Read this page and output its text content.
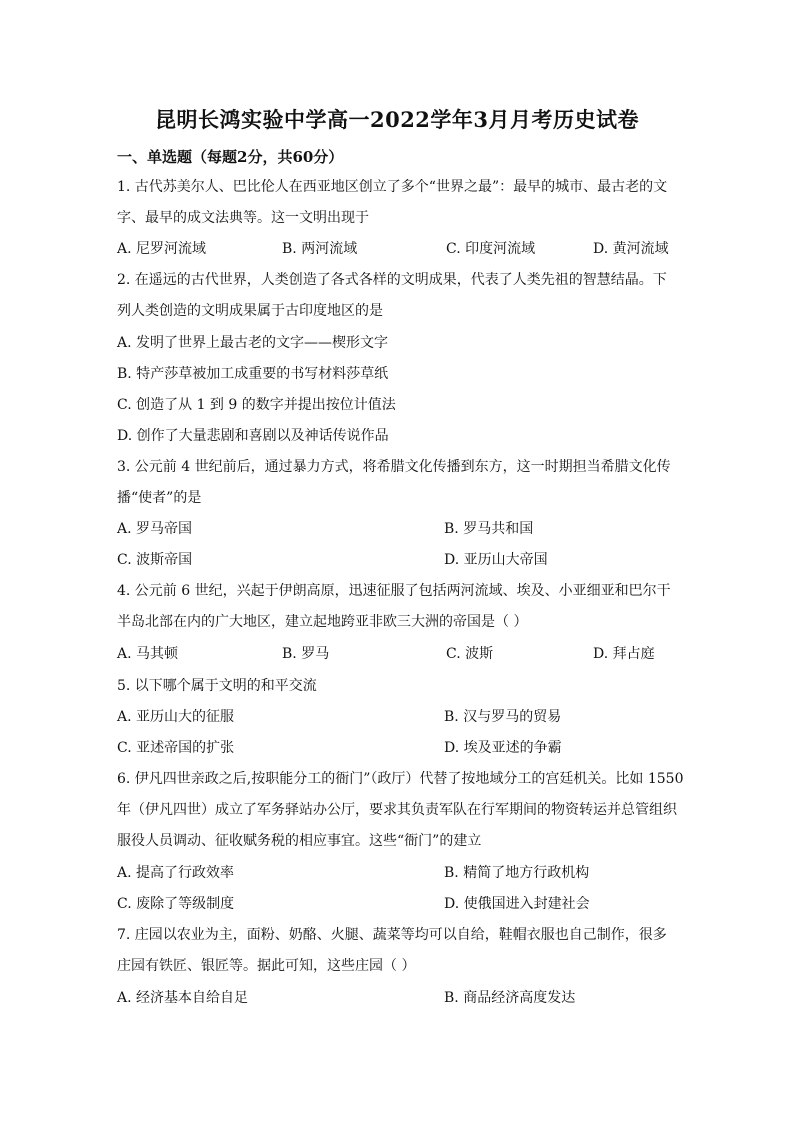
昆明长鸿实验中学高一2022学年3月月考历史试卷
一、单选题（每题2分，共60分）
1. 古代苏美尔人、巴比伦人在西亚地区创立了多个“世界之最”：最早的城市、最古老的文
字、最早的成文法典等。这一文明出现于
A. 尼罗河流域	B. 两河流域	C. 印度河流域	D. 黄河流域
2. 在遥远的古代世界，人类创造了各式各样的文明成果，代表了人类先祖的智慧结晶。下
列人类创造的文明成果属于古印度地区的是
A. 发明了世界上最古老的文字——楔形文字
B. 特产莎草被加工成重要的书写材料莎草纸
C. 创造了从 1 到 9 的数字并提出按位计值法
D. 创作了大量悲剧和喜剧以及神话传说作品
3. 公元前 4 世纪前后，通过暴力方式，将希腊文化传播到东方，这一时期担当希腊文化传
播“使者”的是
A. 罗马帝国	B. 罗马共和国
C. 波斯帝国	D. 亚历山大帝国
4. 公元前 6 世纪，兴起于伊朗高原，迅速征服了包括两河流域、埃及、小亚细亚和巴尔干
半岛北部在内的广大地区，建立起地跨亚非欧三大洲的帝国是（ ）
A. 马其顿	B. 罗马	C. 波斯	D. 拜占庭
5. 以下哪个属于文明的和平交流
A. 亚历山大的征服	B. 汉与罗马的贸易
C. 亚述帝国的扩张	D. 埃及亚述的争霸
6. 伊凡四世亲政之后,按职能分工的衙门”（政厅）代替了按地域分工的宫廷机关。比如 1550
年（伊凡四世）成立了军务驿站办公厅，要求其负责军队在行军期间的物资转运并总管组织
服役人员调动、征收赋务税的相应事宜。这些“衙门”的建立
A. 提高了行政效率	B. 精简了地方行政机构
C. 废除了等级制度	D. 使俄国进入封建社会
7. 庄园以农业为主，面粉、奶酪、火腿、蔬菜等均可以自给，鞋帽衣服也自己制作，很多
庄园有铁匠、银匠等。据此可知，这些庄园（ ）
A. 经济基本自给自足	B. 商品经济高度发达
